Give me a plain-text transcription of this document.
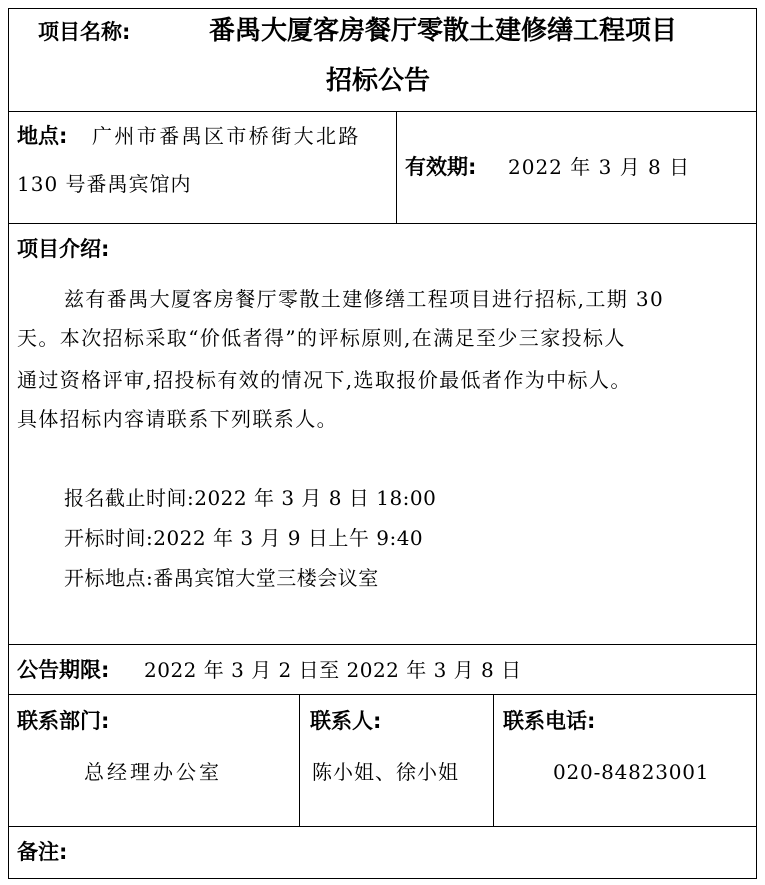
项目名称:	番禺大厦客房餐厅零散土建修缮工程项目
招标公告
地点: 广州市番禺区市桥街大北路
130 号番禺宾馆内
有效期: 2022 年 3 月 8 日
项目介绍:
兹有番禺大厦客房餐厅零散土建修缮工程项目进行招标,工期 30
天。本次招标采取“价低者得”的评标原则,在满足至少三家投标人
通过资格评审,招投标有效的情况下,选取报价最低者作为中标人。
具体招标内容请联系下列联系人。
报名截止时间:2022 年 3 月 8 日 18:00
开标时间:2022 年 3 月 9 日上午 9:40
开标地点:番禺宾馆大堂三楼会议室
公告期限: 2022 年 3 月 2 日至 2022 年 3 月 8 日
联系部门:
总经理办公室
联系人:
陈小姐、徐小姐
联系电话:
020-84823001
备注:
